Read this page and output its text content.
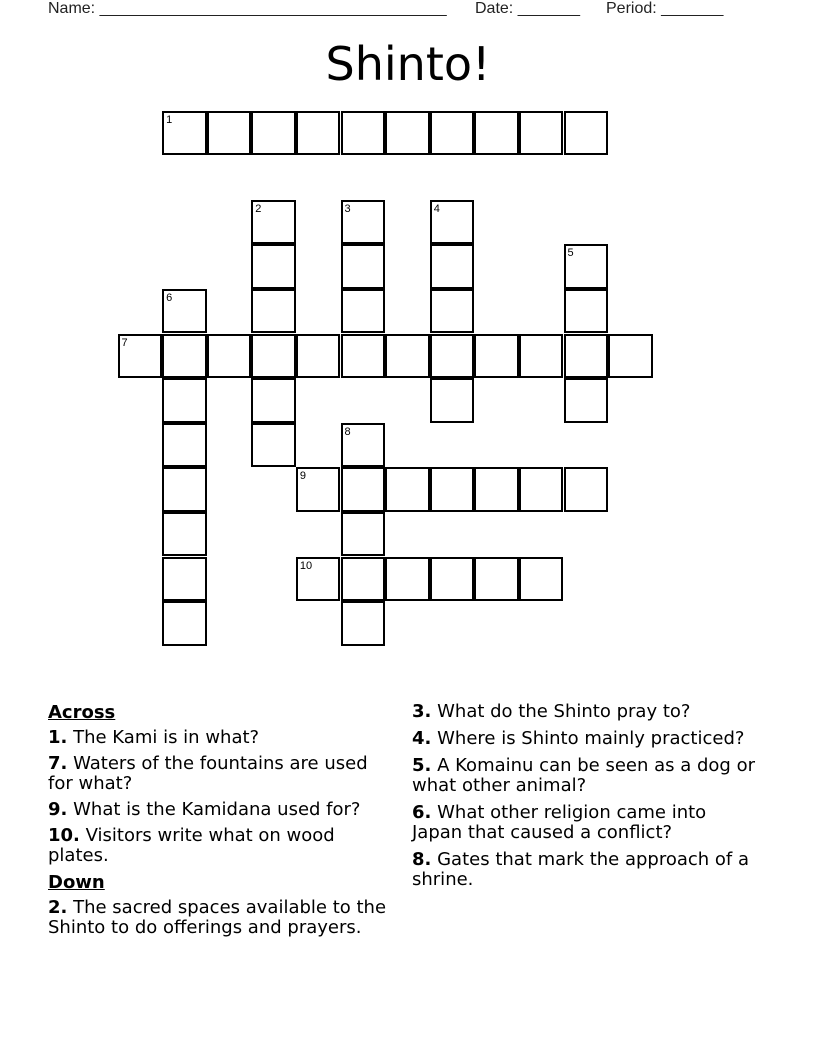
Name: _______________________________________ Date: _______ Period: _______
Shinto!
1
7
9
10
2	3	4
5
6
8
Across
1. The Kami is in what?
7. Waters of the fountains are used for what?
9. What is the Kamidana used for?
10. Visitors write what on wood plates.
Down
2. The sacred spaces available to the Shinto to do offerings and prayers.
3. What do the Shinto pray to?
4. Where is Shinto mainly practiced?
5. A Komainu can be seen as a dog or what other animal?
6. What other religion came into Japan that caused a conflict?
8. Gates that mark the approach of a shrine.
